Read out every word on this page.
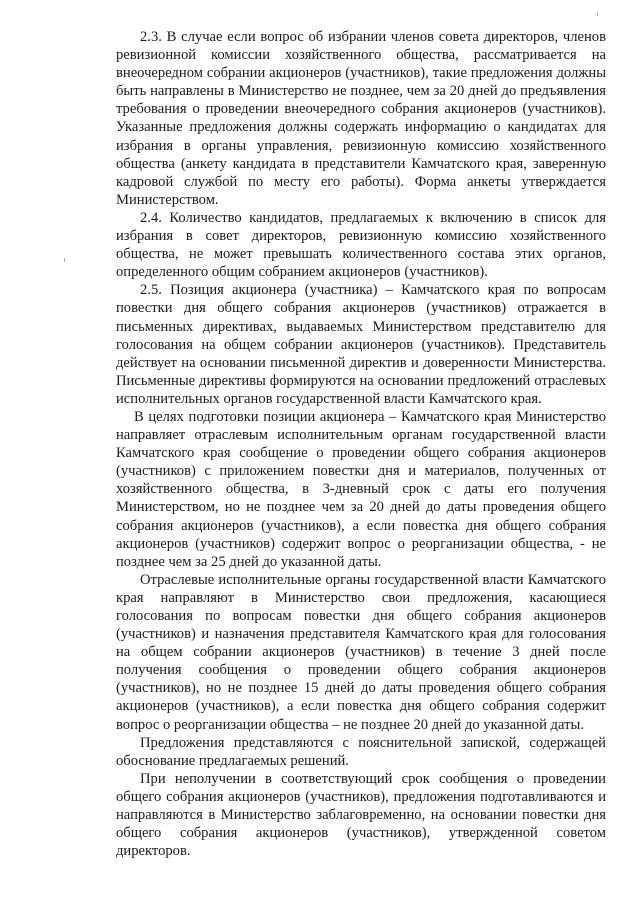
2.3. В случае если вопрос об избрании членов совета директоров, членов ревизионной комиссии хозяйственного общества, рассматривается на внеочередном собрании акционеров (участников), такие предложения должны быть направлены в Министерство не позднее, чем за 20 дней до предъявления требования о проведении внеочередного собрания акционеров (участников). Указанные предложения должны содержать информацию о кандидатах для избрания в органы управления, ревизионную комиссию хозяйственного общества (анкету кандидата в представители Камчатского края, заверенную кадровой службой по месту его работы). Форма анкеты утверждается Министерством.

2.4. Количество кандидатов, предлагаемых к включению в список для избрания в совет директоров, ревизионную комиссию хозяйственного общества, не может превышать количественного состава этих органов, определенного общим собранием акционеров (участников).

2.5. Позиция акционера (участника) – Камчатского края по вопросам повестки дня общего собрания акционеров (участников) отражается в письменных директивах, выдаваемых Министерством представителю для голосования на общем собрании акционеров (участников). Представитель действует на основании письменной директив и доверенности Министерства. Письменные директивы формируются на основании предложений отраслевых исполнительных органов государственной власти Камчатского края.

В целях подготовки позиции акционера – Камчатского края Министерство направляет отраслевым исполнительным органам государственной власти Камчатского края сообщение о проведении общего собрания акционеров (участников) с приложением повестки дня и материалов, полученных от хозяйственного обществa, в 3-дневный срок с даты его получения Министерством, но не позднее чем за 20 дней до даты проведения общего собрания акционеров (участников), а если повестка дня общего собрания акционеров (участников) содержит вопрос о реорганизации общества, - не позднее чем за 25 дней до указанной даты.

Отраслевые исполнительные органы государственной власти Камчатского края направляют в Министерство свои предложения, касающиеся голосования по вопросам повестки дня общего собрания акционеров (участников) и назначения представителя Камчатского края для голосования на общем собрании акционеров (участников) в течение 3 дней после получения сообщения о проведении общего собрания акционеров (участников), но не позднее 15 дней до даты проведения общего собрания акционеров (участников), а если повестка дня общего собрания содержит вопрос о реорганизации общества – не позднее 20 дней до указанной даты.

Предложения представляются с пояснительной запиской, содержащей обоснование предлагаемых решений.

При неполучении в соответствующий срок сообщения о проведении общего собрания акционеров (участников), предложения подготавливаются и направляются в Министерство заблаговременно, на основании повестки дня общего собрания акционеров (участников), утвержденной советом директоров.
